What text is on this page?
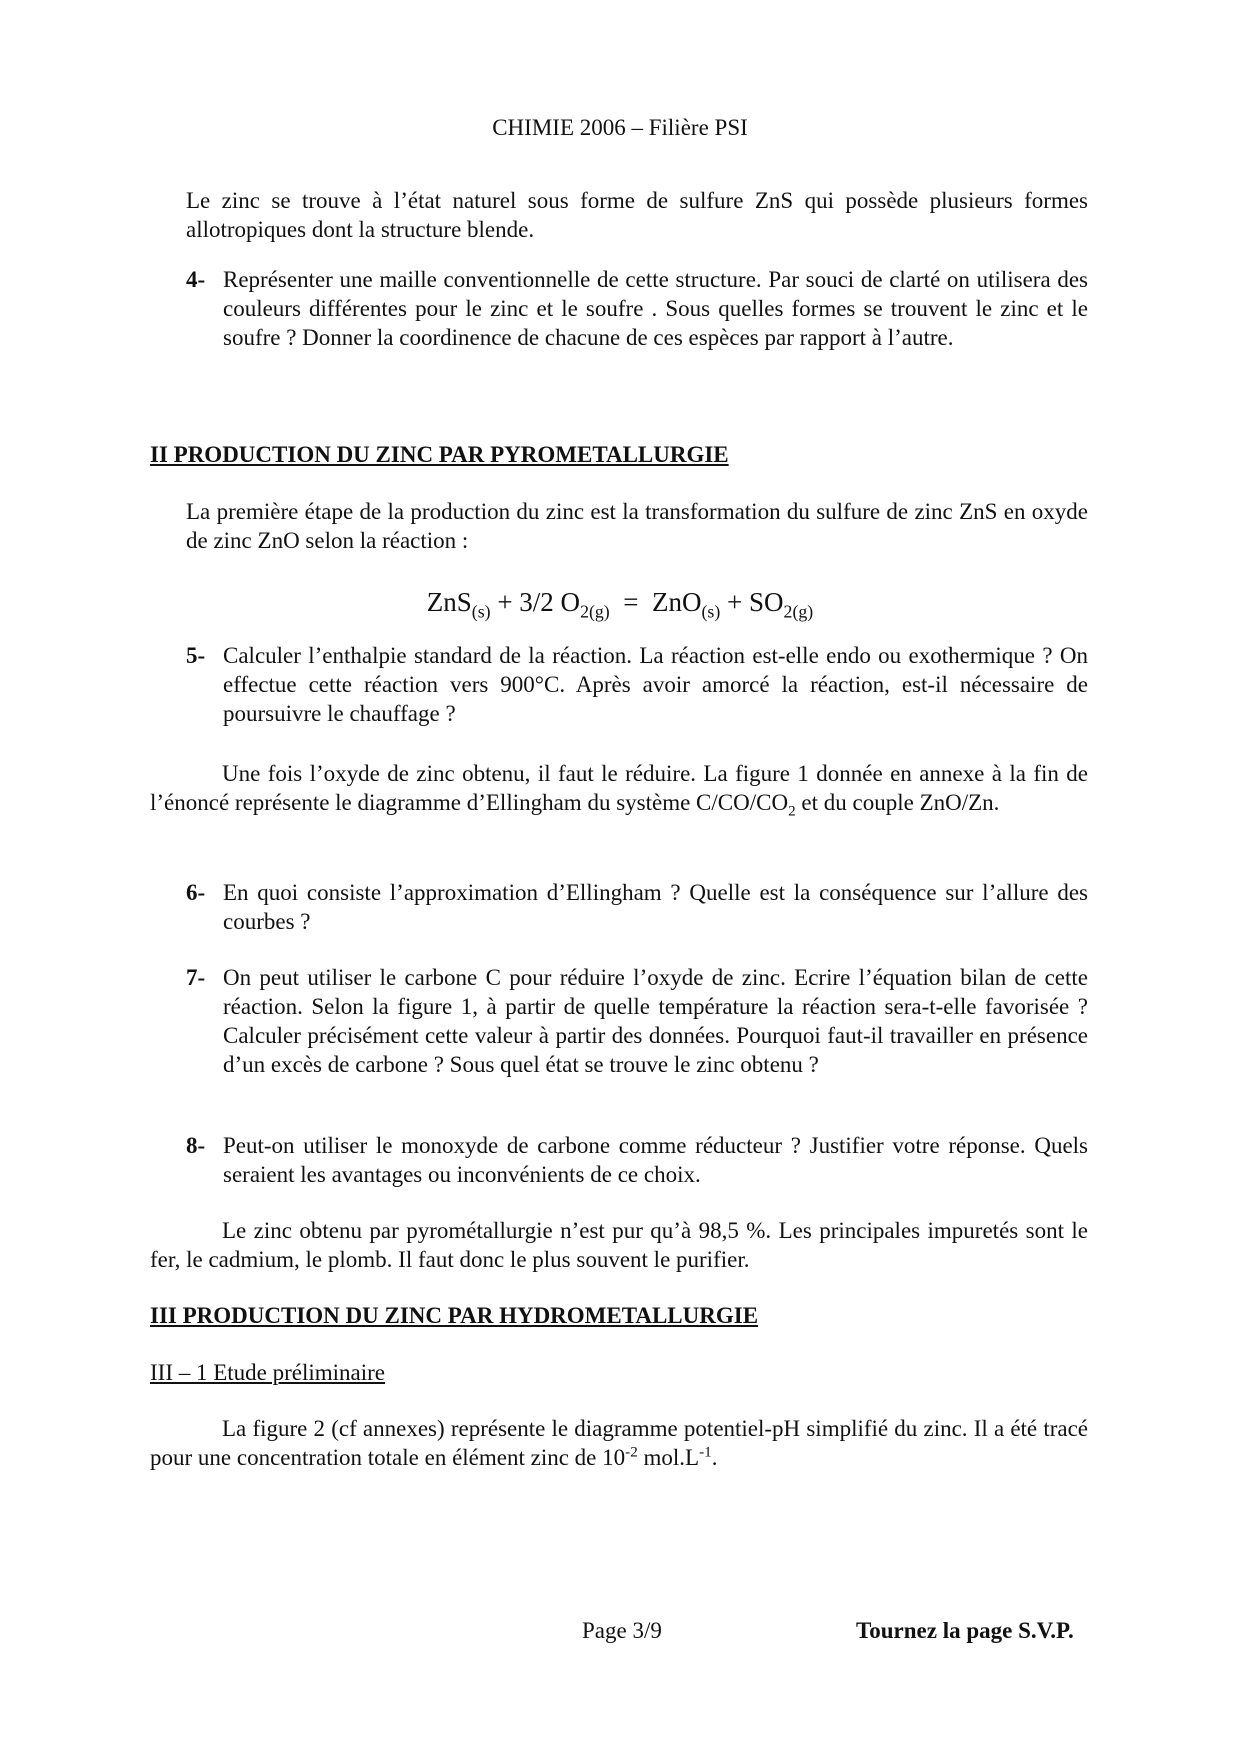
CHIMIE 2006 – Filière PSI
Le zinc se trouve à l’état naturel sous forme de sulfure ZnS qui possède plusieurs formes allotropiques dont la structure blende.
4- Représenter une maille conventionnelle de cette structure. Par souci de clarté on utilisera des couleurs différentes pour le zinc et le soufre . Sous quelles formes se trouvent le zinc et le soufre ? Donner la coordinence de chacune de ces espèces par rapport à l’autre.
II PRODUCTION DU ZINC PAR PYROMETALLURGIE
La première étape de la production du zinc est la transformation du sulfure de zinc ZnS en oxyde de zinc ZnO selon la réaction :
ZnS$_{(s)}$ + 3/2 $O_{2(g)} = ZnO_{(s)} + SO_{2(g)}$
5- Calculer l’enthalpie standard de la réaction. La réaction est-elle endo ou exothermique ? On effectue cette réaction vers 900°C. Après avoir amorcé la réaction, est-il nécessaire de poursuivre le chauffage ?
Une fois l’oxyde de zinc obtenu, il faut le réduire. La figure 1 donnée en annexe à la fin de l’énoncé représente le diagramme d’Ellingham du système $C/CO/CO_2$ et du couple ZnO/Zn.
6- En quoi consiste l’approximation d’Ellingham ? Quelle est la conséquence sur l’allure des courbes ?
7- On peut utiliser le carbone C pour réduire l’oxyde de zinc. Ecrire l’équation bilan de cette réaction. Selon la figure 1, à partir de quelle température la réaction sera-t-elle favorisée ? Calculer précisément cette valeur à partir des données. Pourquoi faut-il travailler en présence d’un excès de carbone ? Sous quel état se trouve le zinc obtenu ?
8- Peut-on utiliser le monoxyde de carbone comme réducteur ? Justifier votre réponse. Quels seraient les avantages ou inconvénients de ce choix.
Le zinc obtenu par pyrométallurgie n’est pur qu’à 98,5 %. Les principales impuretés sont le fer, le cadmium, le plomb. Il faut donc le plus souvent le purifier.
III PRODUCTION DU ZINC PAR HYDROMETALLURGIE
III – 1 Etude préliminaire
La figure 2 (cf annexes) représente le diagramme potentiel-pH simplifié du zinc. Il a été tracé pour une concentration totale en élément zinc de $10^{-2}$ $mol.L^{-1}$.
Page 3/9	Tournez la page S.V.P.
